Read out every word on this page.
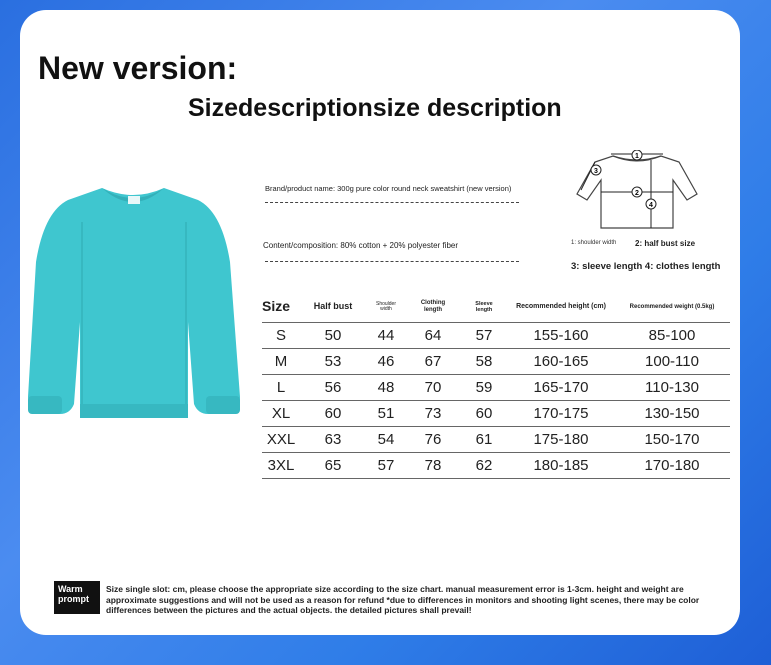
New version:
Sizedescriptionsize description
Brand/product name: 300g pure color round neck sweatshirt (new version)
Content/composition: 80% cotton + 20% polyester fiber
1
2
3
4
1: shoulder width 2: half bust size
3: sleeve length 4: clothes length
Size	Half bust	Shoulder width	Clothing length	Sleeve length	Recommended height (cm)	Recommended weight (0.5kg)
S	50	44	64	57	155-160	85-100
M	53	46	67	58	160-165	100-110
L	56	48	70	59	165-170	110-130
XL	60	51	73	60	170-175	130-150
XXL	63	54	76	61	175-180	150-170
3XL	65	57	78	62	180-185	170-180
Warm
prompt
Size single slot: cm, please choose the appropriate size according to the size chart. manual measurement error is 1-3cm. height and weight are approximate suggestions and will not be used as a reason for refund *due to differences in monitors and shooting light scenes, there may be color differences between the pictures and the actual objects. the detailed pictures shall prevail!
